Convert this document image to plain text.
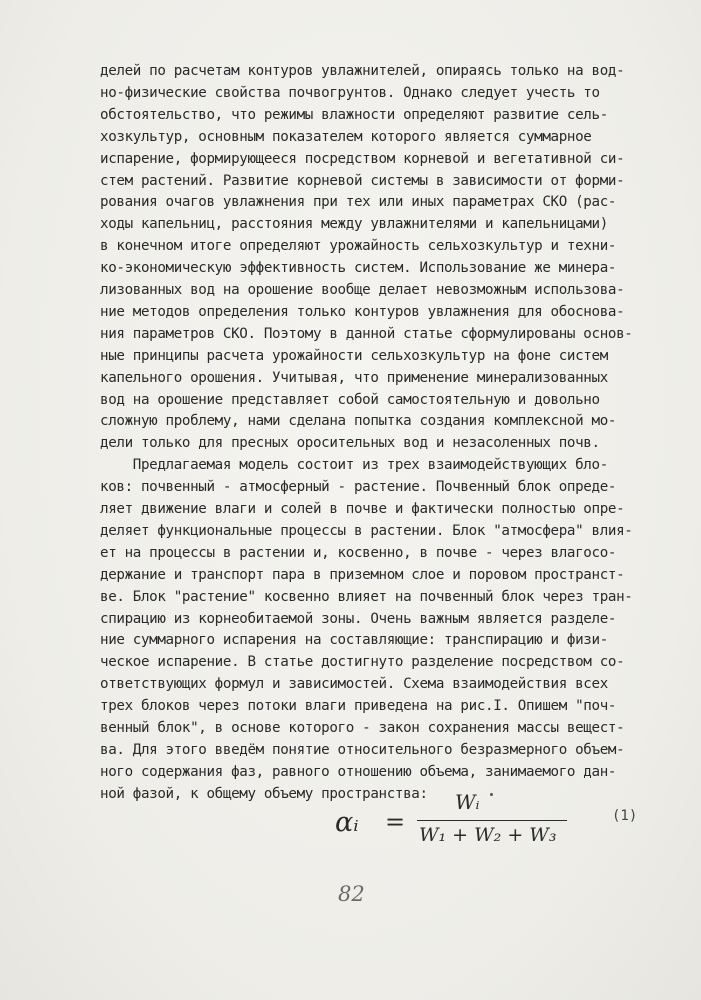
делей по расчетам контуров увлажнителей, опираясь только на вод-
но-физические свойства почвогрунтов. Однако следует учесть то
обстоятельство, что режимы влажности определяют развитие сель-
хозкультур, основным показателем которого является суммарное
испарение, формирующееся посредством корневой и вегетативной си-
стем растений. Развитие корневой системы в зависимости от форми-
рования очагов увлажнения при тех или иных параметрах СКО (рас-
ходы капельниц, расстояния между увлажнителями и капельницами)
в конечном итоге определяют урожайность сельхозкультур и техни-
ко-экономическую эффективность систем. Использование же минера-
лизованных вод на орошение вообще делает невозможным использова-
ние методов определения только контуров увлажнения для обоснова-
ния параметров СКО. Поэтому в данной статье сформулированы основ-
ные принципы расчета урожайности сельхозкультур на фоне систем
капельного орошения. Учитывая, что применение минерализованных
вод на орошение представляет собой самостоятельную и довольно
сложную проблему, нами сделана попытка создания комплексной мо-
дели только для пресных оросительных вод и незасоленных почв.
Предлагаемая модель состоит из трех взаимодействующих бло-
ков: почвенный - атмосферный - растение. Почвенный блок опреде-
ляет движение влаги и солей в почве и фактически полностью опре-
деляет функциональные процессы в растении. Блок "атмосфера" влия-
ет на процессы в растении и, косвенно, в почве - через влагосо-
держание и транспорт пара в приземном слое и поровом пространст-
ве. Блок "растение" косвенно влияет на почвенный блок через тран-
спирацию из корнеобитаемой зоны. Очень важным является разделе-
ние суммарного испарения на составляющие: транспирацию и физи-
ческое испарение. В статье достигнуто разделение посредством со-
ответствующих формул и зависимостей. Схема взаимодействия всех
трех блоков через потоки влаги приведена на рис.I. Опишем "поч-
венный блок", в основе которого - закон сохранения массы вещест-
ва. Для этого введём понятие относительного безразмерного объем-
ного содержания фаз, равного отношению объема, занимаемого дан-
ной фазой, к общему объему пространства:
αᵢ =
Wᵢ
W₁ + W₂ + W₃
(1)
82
